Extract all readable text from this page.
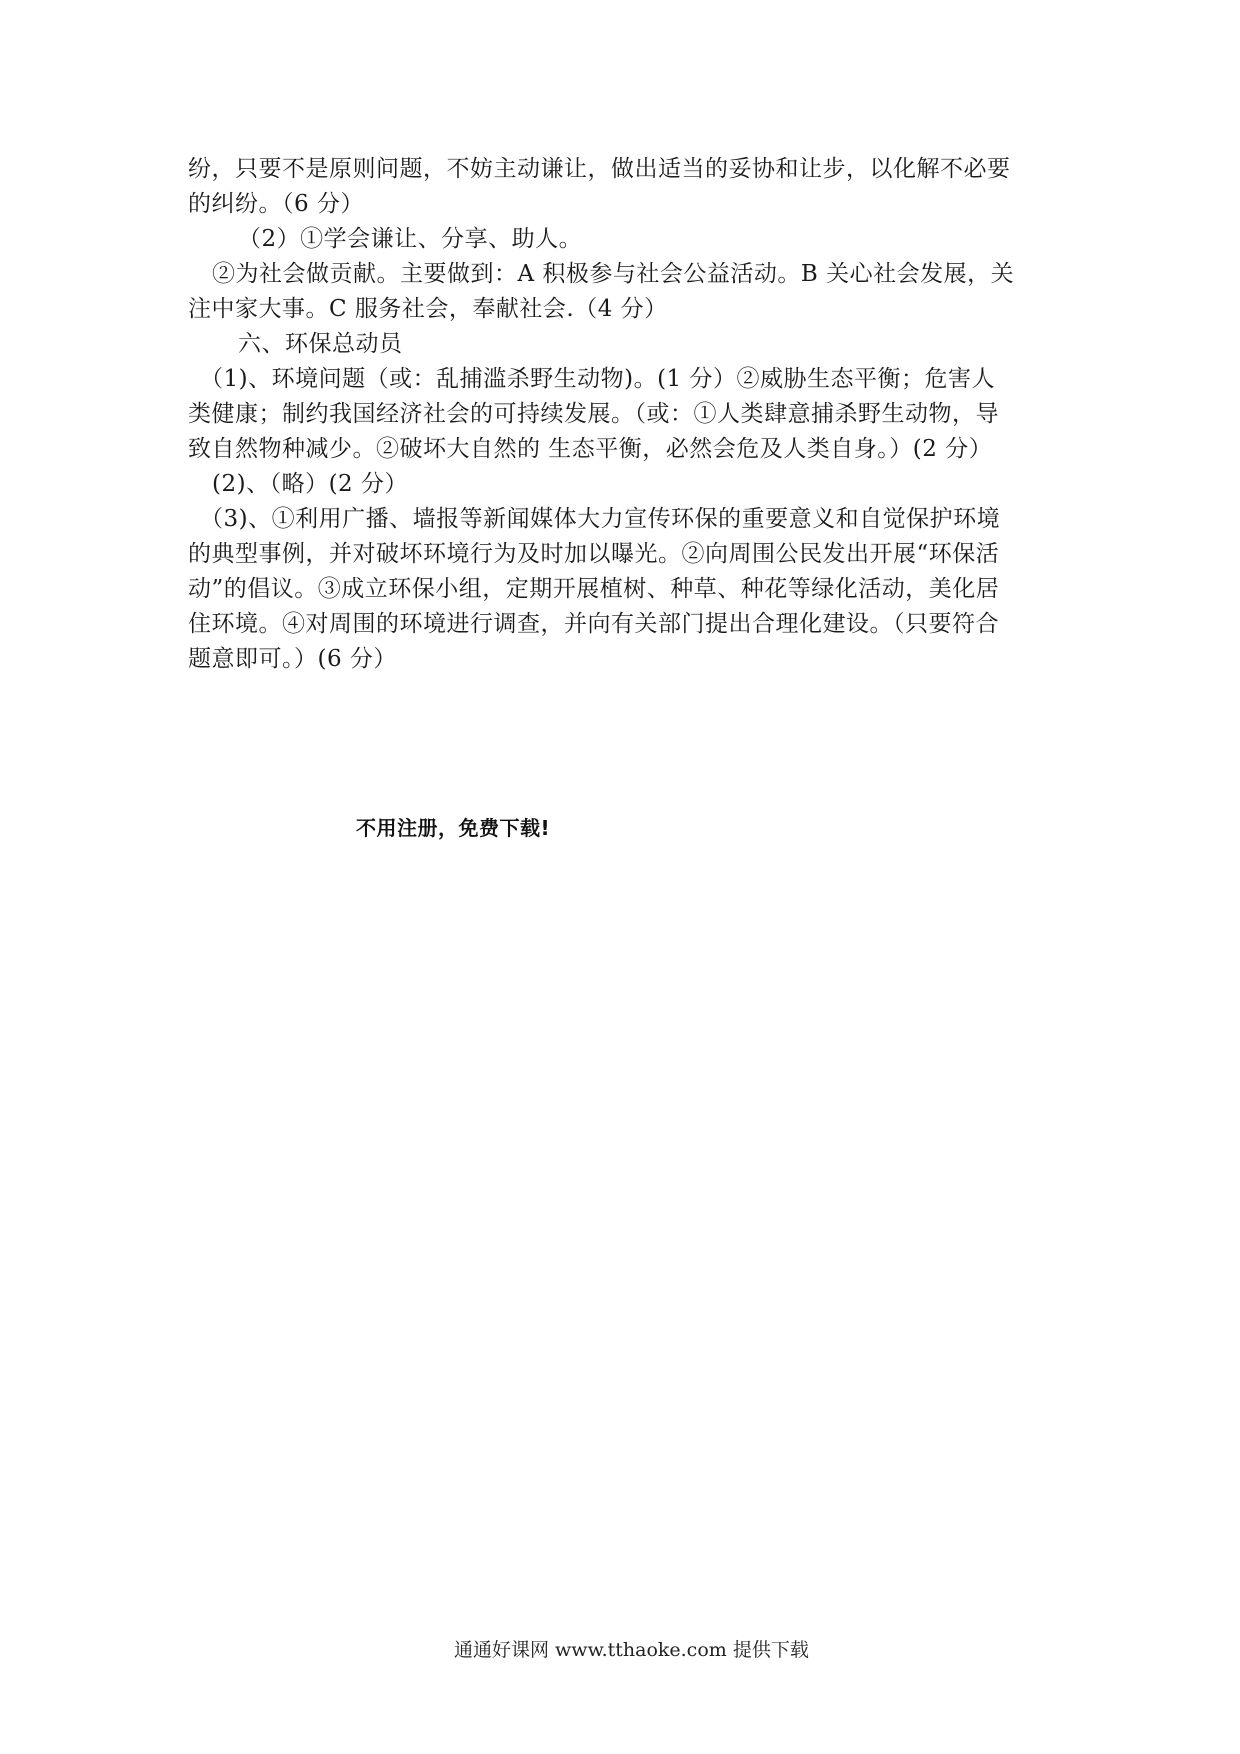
纷，只要不是原则问题，不妨主动谦让，做出适当的妥协和让步，以化解不必要
的纠纷。（6 分）
（2）①学会谦让、分享、助人。
②为社会做贡献。主要做到：A 积极参与社会公益活动。B 关心社会发展，关
注中家大事。C 服务社会，奉献社会.（4 分）
六、环保总动员
（1)、环境问题（或：乱捕滥杀野生动物)。(1 分）②威胁生态平衡；危害人
类健康；制约我国经济社会的可持续发展。（或：①人类肆意捕杀野生动物，导
致自然物种减少。②破坏大自然的 生态平衡，必然会危及人类自身。）(2 分）
(2)、（略）(2 分）
（3)、①利用广播、墙报等新闻媒体大力宣传环保的重要意义和自觉保护环境
的典型事例，并对破坏环境行为及时加以曝光。②向周围公民发出开展“环保活
动”的倡议。③成立环保小组，定期开展植树、种草、种花等绿化活动，美化居
住环境。④对周围的环境进行调查，并向有关部门提出合理化建设。（只要符合
题意即可。）(6 分）
不用注册，免费下载!
通通好课网 www.tthaoke.com 提供下载
